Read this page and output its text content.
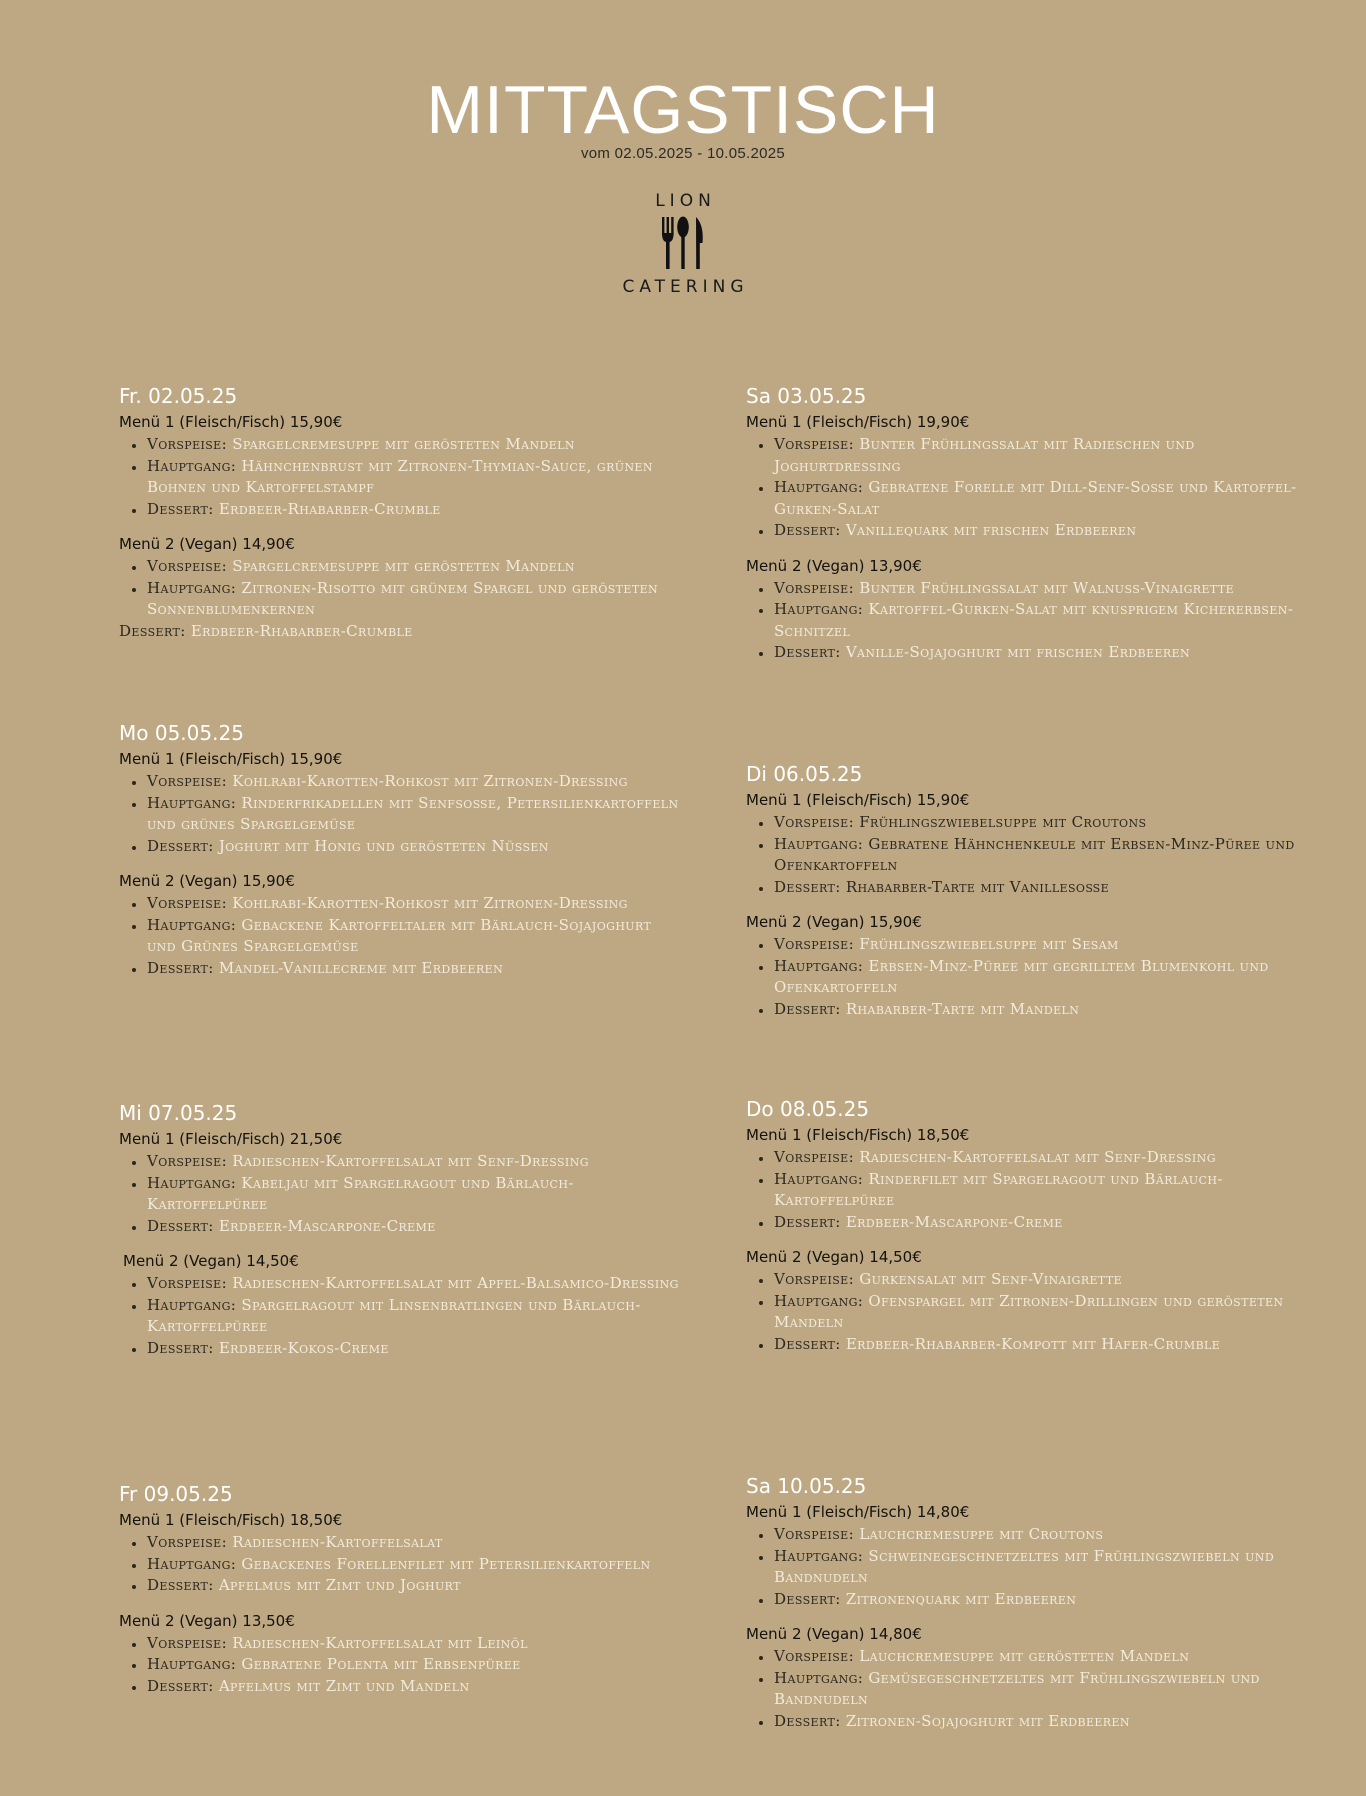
MITTAGSTISCH
vom 02.05.2025 - 10.05.2025
LION
CATERING
Fr. 02.05.25
Menü 1 (Fleisch/Fisch) 15,90€
Vorspeise: Spargelcremesuppe mit gerösteten Mandeln
Hauptgang: Hähnchenbrust mit Zitronen-Thymian-Sauce, grünen Bohnen und Kartoffelstampf
Dessert: Erdbeer-Rhabarber-Crumble
Menü 2 (Vegan) 14,90€
Vorspeise: Spargelcremesuppe mit gerösteten Mandeln
Hauptgang: Zitronen-Risotto mit grünem Spargel und gerösteten Sonnenblumenkernen
Dessert: Erdbeer-Rhabarber-Crumble
Sa 03.05.25
Menü 1 (Fleisch/Fisch) 19,90€
Vorspeise: Bunter Frühlingssalat mit Radieschen und Joghurtdressing
Hauptgang: Gebratene Forelle mit Dill-Senf-Soße und Kartoffel-Gurken-Salat
Dessert: Vanillequark mit frischen Erdbeeren
Menü 2 (Vegan) 13,90€
Vorspeise: Bunter Frühlingssalat mit Walnuss-Vinaigrette
Hauptgang: Kartoffel-Gurken-Salat mit knusprigem Kichererbsen-Schnitzel
Dessert: Vanille-Sojajoghurt mit frischen Erdbeeren
Mo 05.05.25
Menü 1 (Fleisch/Fisch) 15,90€
Vorspeise: Kohlrabi-Karotten-Rohkost mit Zitronen-Dressing
Hauptgang: Rinderfrikadellen mit Senfsoße, Petersilienkartoffeln und grünes Spargelgemüse
Dessert: Joghurt mit Honig und gerösteten Nüssen
Menü 2 (Vegan) 15,90€
Vorspeise: Kohlrabi-Karotten-Rohkost mit Zitronen-Dressing
Hauptgang: Gebackene Kartoffeltaler mit Bärlauch-Sojajoghurt und Grünes Spargelgemüse
Dessert: Mandel-Vanillecreme mit Erdbeeren
Di 06.05.25
Menü 1 (Fleisch/Fisch) 15,90€
Vorspeise: Frühlingszwiebelsuppe mit Croutons
Hauptgang: Gebratene Hähnchenkeule mit Erbsen-Minz-Püree und Ofenkartoffeln
Dessert: Rhabarber-Tarte mit Vanillesoße
Menü 2 (Vegan) 15,90€
Vorspeise: Frühlingszwiebelsuppe mit Sesam
Hauptgang: Erbsen-Minz-Püree mit gegrilltem Blumenkohl und Ofenkartoffeln
Dessert: Rhabarber-Tarte mit Mandeln
Mi 07.05.25
Menü 1 (Fleisch/Fisch) 21,50€
Vorspeise: Radieschen-Kartoffelsalat mit Senf-Dressing
Hauptgang: Kabeljau mit Spargelragout und Bärlauch-Kartoffelpüree
Dessert: Erdbeer-Mascarpone-Creme
Menü 2 (Vegan) 14,50€
Vorspeise: Radieschen-Kartoffelsalat mit Apfel-Balsamico-Dressing
Hauptgang: Spargelragout mit Linsenbratlingen und Bärlauch-Kartoffelpüree
Dessert: Erdbeer-Kokos-Creme
Do 08.05.25
Menü 1 (Fleisch/Fisch) 18,50€
Vorspeise: Radieschen-Kartoffelsalat mit Senf-Dressing
Hauptgang: Rinderfilet mit Spargelragout und Bärlauch-Kartoffelpüree
Dessert: Erdbeer-Mascarpone-Creme
Menü 2 (Vegan) 14,50€
Vorspeise: Gurkensalat mit Senf-Vinaigrette
Hauptgang: Ofenspargel mit Zitronen-Drillingen und gerösteten Mandeln
Dessert: Erdbeer-Rhabarber-Kompott mit Hafer-Crumble
Fr 09.05.25
Menü 1 (Fleisch/Fisch) 18,50€
Vorspeise: Radieschen-Kartoffelsalat
Hauptgang: Gebackenes Forellenfilet mit Petersilienkartoffeln
Dessert: Apfelmus mit Zimt und Joghurt
Menü 2 (Vegan) 13,50€
Vorspeise: Radieschen-Kartoffelsalat mit Leinöl
Hauptgang: Gebratene Polenta mit Erbsenpüree
Dessert: Apfelmus mit Zimt und Mandeln
Sa 10.05.25
Menü 1 (Fleisch/Fisch) 14,80€
Vorspeise: Lauchcremesuppe mit Croutons
Hauptgang: Schweinegeschnetzeltes mit Frühlingszwiebeln und Bandnudeln
Dessert: Zitronenquark mit Erdbeeren
Menü 2 (Vegan) 14,80€
Vorspeise: Lauchcremesuppe mit gerösteten Mandeln
Hauptgang: Gemüsegeschnetzeltes mit Frühlingszwiebeln und Bandnudeln
Dessert: Zitronen-Sojajoghurt mit Erdbeeren
